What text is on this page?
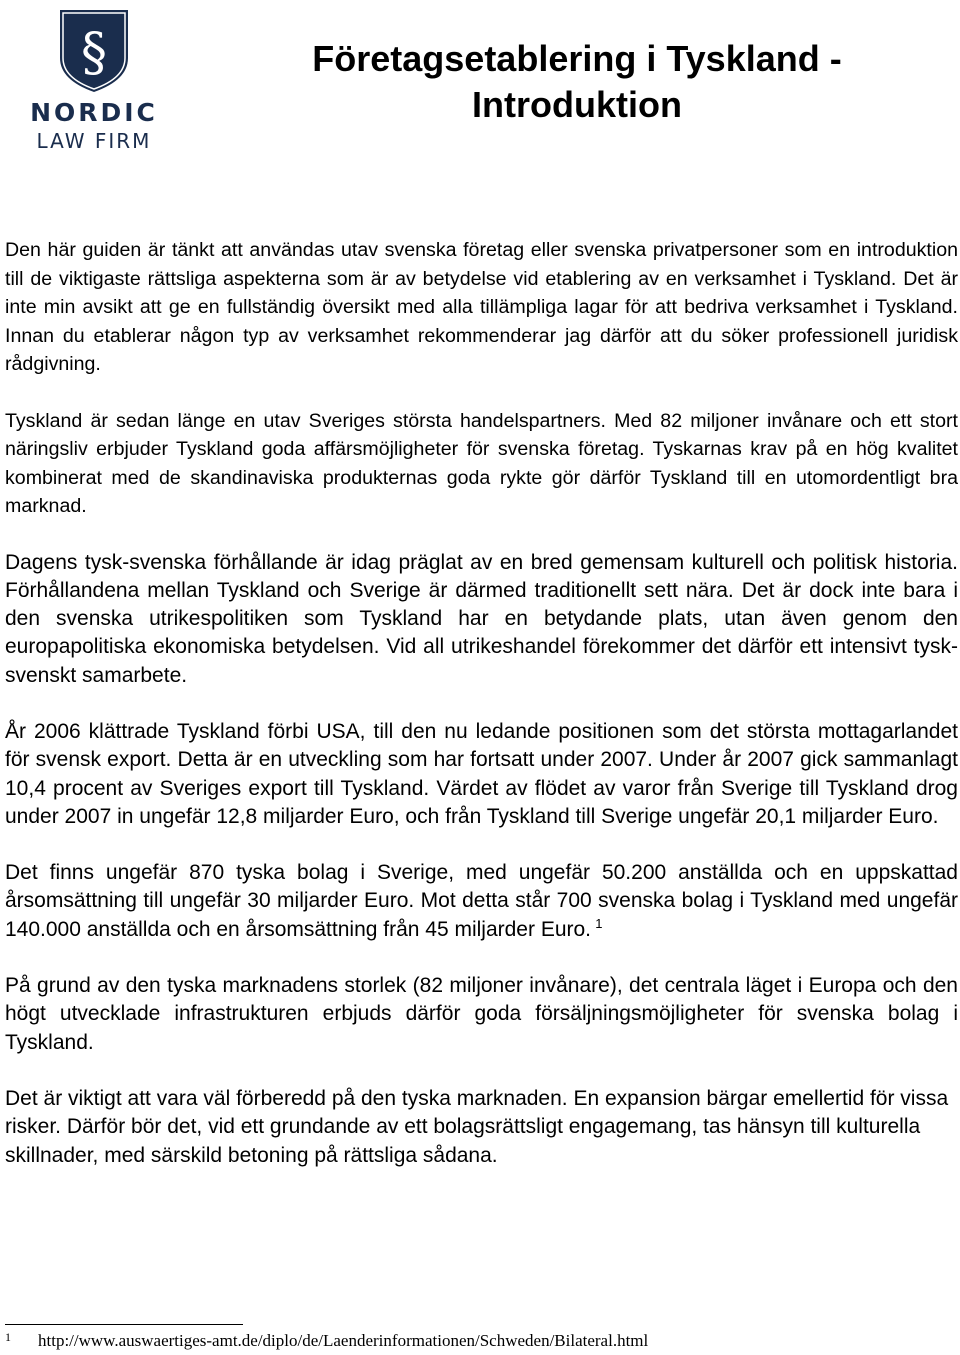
§
NORDIC
LAW FIRM
Företagsetablering i Tyskland - Introduktion

Den här guiden är tänkt att användas utav svenska företag eller svenska privatpersoner som en introduktion till de viktigaste rättsliga aspekterna som är av betydelse vid etablering av en verksamhet i Tyskland. Det är inte min avsikt att ge en fullständig översikt med alla tillämpliga lagar för att bedriva verksamhet i Tyskland. Innan du etablerar någon typ av verksamhet rekommenderar jag därför att du söker professionell juridisk rådgivning.

Tyskland är sedan länge en utav Sveriges största handelspartners. Med 82 miljoner invånare och ett stort näringsliv erbjuder Tyskland goda affärsmöjligheter för svenska företag. Tyskarnas krav på en hög kvalitet kombinerat med de skandinaviska produkternas goda rykte gör därför Tyskland till en utomordentligt bra marknad.

Dagens tysk-svenska förhållande är idag präglat av en bred gemensam kulturell och politisk historia. Förhållandena mellan Tyskland och Sverige är därmed traditionellt sett nära. Det är dock inte bara i den svenska utrikespolitiken som Tyskland har en betydande plats, utan även genom den europapolitiska ekonomiska betydelsen. Vid all utrikeshandel förekommer det därför ett intensivt tysk-svenskt samarbete.

År 2006 klättrade Tyskland förbi USA, till den nu ledande positionen som det största mottagarlandet för svensk export. Detta är en utveckling som har fortsatt under 2007. Under år 2007 gick sammanlagt 10,4 procent av Sveriges export till Tyskland. Värdet av flödet av varor från Sverige till Tyskland drog under 2007 in ungefär 12,8 miljarder Euro, och från Tyskland till Sverige ungefär 20,1 miljarder Euro.

Det finns ungefär 870 tyska bolag i Sverige, med ungefär 50.200 anställda och en uppskattad årsomsättning till ungefär 30 miljarder Euro. Mot detta står 700 svenska bolag i Tyskland med ungefär 140.000 anställda och en årsomsättning från 45 miljarder Euro.  $^1$

På grund av den tyska marknadens storlek (82 miljoner invånare), det centrala läget i Europa och den högt utvecklade infrastrukturen erbjuds därför goda försäljningsmöjligheter för svenska bolag i Tyskland.

Det är viktigt att vara väl förberedd på den tyska marknaden. En expansion bärgar emellertid för vissa risker. Därför bör det, vid ett grundande av ett bolagsrättsligt engagemang, tas hänsyn till kulturella skillnader, med särskild betoning på rättsliga sådana.

1 http://www.auswaertiges-amt.de/diplo/de/Laenderinformationen/Schweden/Bilateral.html
